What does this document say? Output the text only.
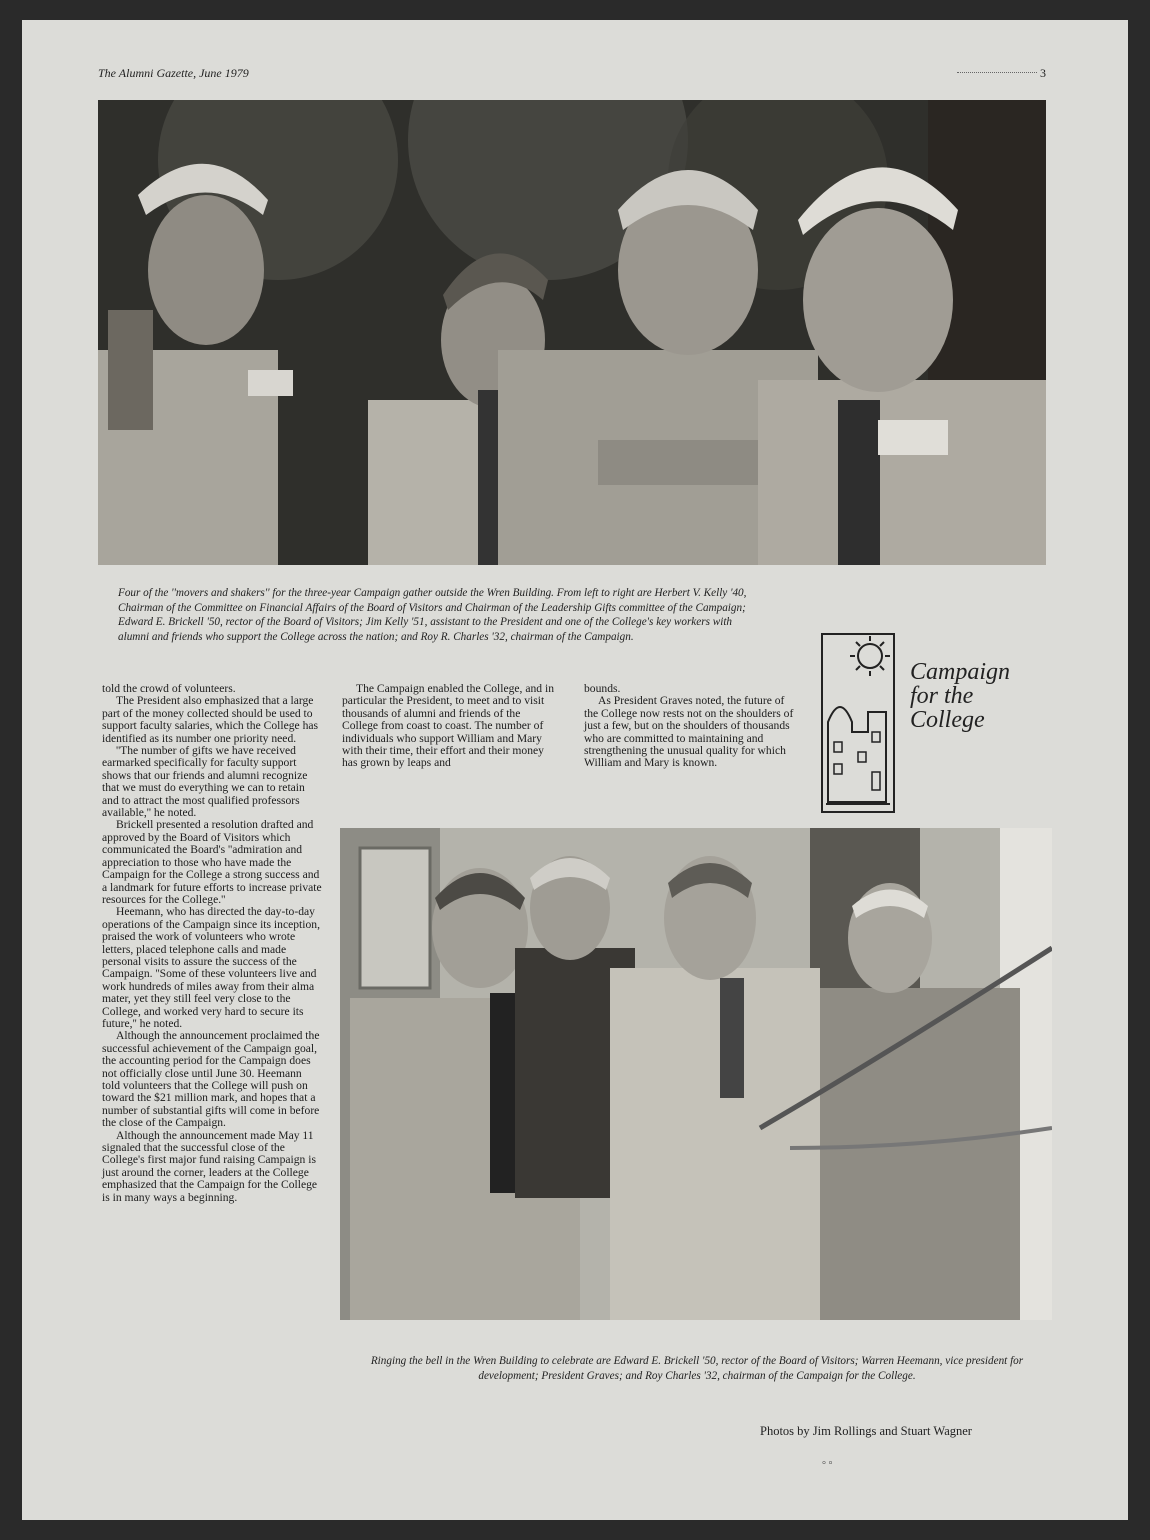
The Alumni Gazette, June 1979	3
Four of the ''movers and shakers'' for the three-year Campaign gather outside the Wren Building. From left to right are Herbert V. Kelly '40, Chairman of the Committee on Financial Affairs of the Board of Visitors and Chairman of the Leadership Gifts committee of the Campaign; Edward E. Brickell '50, rector of the Board of Visitors; Jim Kelly '51, assistant to the President and one of the College's key workers with alumni and friends who support the College across the nation; and Roy R. Charles '32, chairman of the Campaign.
Campaign
for the
College

told the crowd of volunteers.

The President also emphasized that a large part of the money collected should be used to support faculty salaries, which the College has identified as its number one priority need.

''The number of gifts we have received earmarked specifically for faculty support shows that our friends and alumni recognize that we must do everything we can to retain and to attract the most qualified professors available,'' he noted.

Brickell presented a resolution drafted and approved by the Board of Visitors which communicated the Board's ''admiration and appreciation to those who have made the Campaign for the College a strong success and a landmark for future efforts to increase private resources for the College.''

Heemann, who has directed the day-to-day operations of the Campaign since its inception, praised the work of volunteers who wrote letters, placed telephone calls and made personal visits to assure the success of the Campaign. ''Some of these volunteers live and work hundreds of miles away from their alma mater, yet they still feel very close to the College, and worked very hard to secure its future,'' he noted.

Although the announcement proclaimed the successful achievement of the Campaign goal, the accounting period for the Campaign does not officially close until June 30. Heemann told volunteers that the College will push on toward the $21 million mark, and hopes that a number of substantial gifts will come in before the close of the Campaign.

Although the announcement made May 11 signaled that the successful close of the College's first major fund raising Campaign is just around the corner, leaders at the College emphasized that the Campaign for the College is in many ways a beginning.

The Campaign enabled the College, and in particular the President, to meet and to visit thousands of alumni and friends of the College from coast to coast. The number of individuals who support William and Mary with their time, their effort and their money has grown by leaps and

bounds.

As President Graves noted, the future of the College now rests not on the shoulders of just a few, but on the shoulders of thousands who are committed to maintaining and strengthening the unusual quality for which William and Mary is known.

Ringing the bell in the Wren Building to celebrate are Edward E. Brickell '50, rector of the Board of Visitors; Warren Heemann, vice president for development; President Graves; and Roy Charles '32, chairman of the Campaign for the College.
Photos by Jim Rollings and Stuart Wagner
° °
